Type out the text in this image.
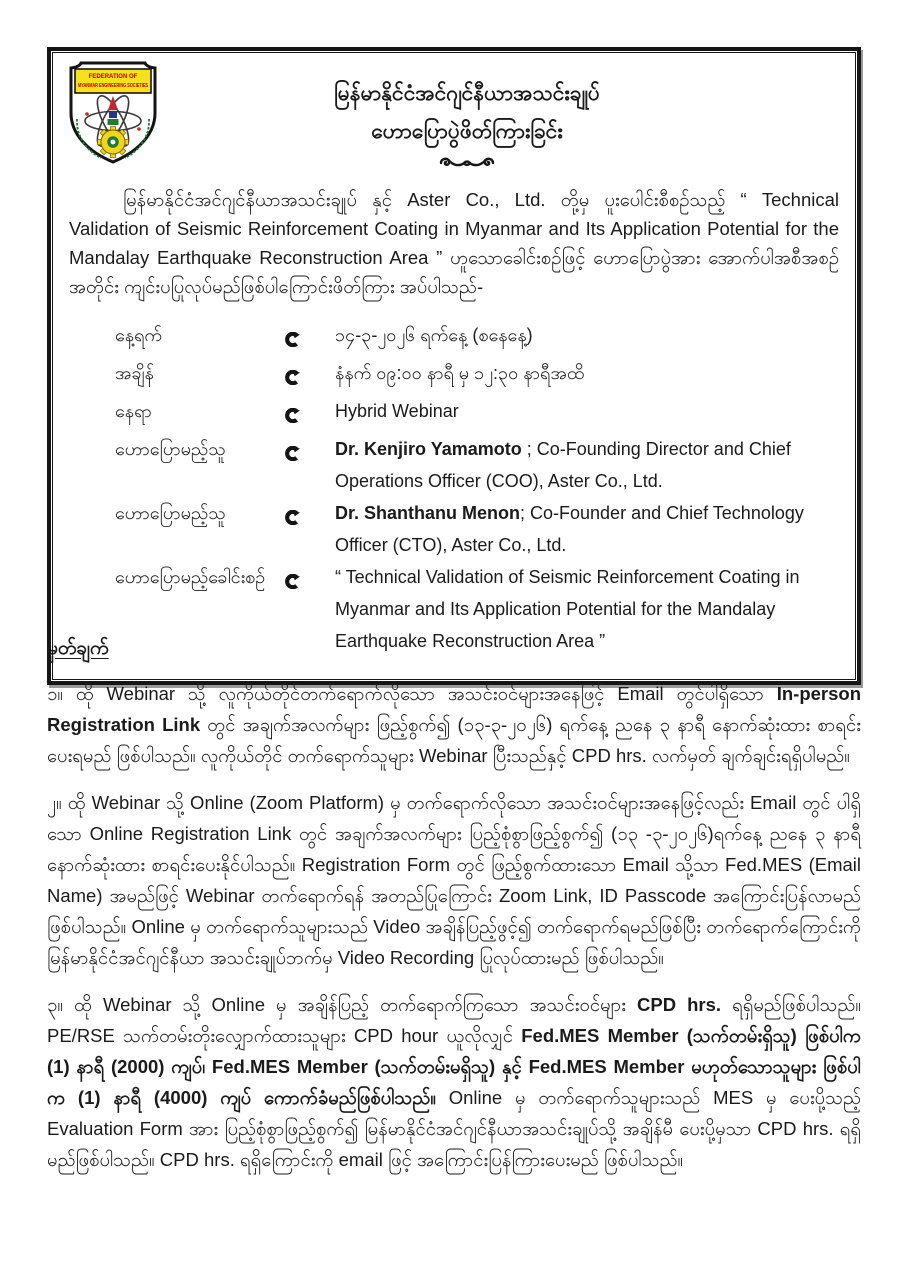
FEDERATION OF
MYANMAR ENGINEERING SOCIETIES	မြန်မာနိုင်ငံအင်ဂျင်နီယာအသင်းချုပ်
ဟောပြောပွဲဖိတ်ကြားခြင်း
မြန်မာနိုင်ငံအင်ဂျင်နီယာအသင်းချုပ် နှင့် Aster Co., Ltd. တို့မှ ပူးပေါင်းစီစဉ်သည့် “ Technical Validation of Seismic Reinforcement Coating in Myanmar and Its Application Potential for the Mandalay Earthquake Reconstruction Area ” ဟူသောခေါင်းစဉ်ဖြင့် ဟောပြောပွဲအား အောက်ပါအစီအစဉ်အတိုင်း ကျင်းပပြုလုပ်မည်ဖြစ်ပါကြောင်းဖိတ်ကြား အပ်ပါသည်-
နေ့ရက်	၁၄-၃-၂၀၂၆ ရက်နေ့ (စနေနေ့)
အချိန်	နံနက် ၀၉:၀၀ နာရီ မှ ၁၂:၃၀ နာရီအထိ
နေရာ	Hybrid Webinar
ဟောပြောမည့်သူ	Dr. Kenjiro Yamamoto ; Co-Founding Director and Chief Operations Officer (COO), Aster Co., Ltd.
ဟောပြောမည့်သူ	Dr. Shanthanu Menon; Co-Founder and Chief Technology Officer (CTO), Aster Co., Ltd.
ဟောပြောမည့်ခေါင်းစဉ်	“ Technical Validation of Seismic Reinforcement Coating in Myanmar and Its Application Potential for the Mandalay Earthquake Reconstruction Area ”
မှတ်ချက်

၁။ ထို Webinar သို့ လူကိုယ်တိုင်တက်ရောက်လိုသော အသင်းဝင်များအနေဖြင့် Email တွင်ပါရှိသော In-person Registration Link တွင် အချက်အလက်များ ဖြည့်စွက်၍ (၁၃-၃-၂၀၂၆) ရက်နေ့ ညနေ ၃ နာရီ နောက်ဆုံးထား စာရင်းပေးရမည် ဖြစ်ပါသည်။ လူကိုယ်တိုင် တက်ရောက်သူများ Webinar ပြီးသည်နှင့် CPD hrs. လက်မှတ် ချက်ချင်းရရှိပါမည်။

၂။ ထို Webinar သို့ Online (Zoom Platform) မှ တက်ရောက်လိုသော အသင်းဝင်များအနေဖြင့်လည်း Email တွင် ပါရှိသော Online Registration Link တွင် အချက်အလက်များ ပြည့်စုံစွာဖြည့်စွက်၍ (၁၃ -၃-၂၀၂၆)ရက်နေ့ ညနေ ၃ နာရီ နောက်ဆုံးထား စာရင်းပေးနိုင်ပါသည်။ Registration Form တွင် ဖြည့်စွက်ထားသော Email သို့သာ Fed.MES (Email Name) အမည်ဖြင့် Webinar တက်ရောက်ရန် အတည်ပြုကြောင်း Zoom Link, ID Passcode အကြောင်းပြန်လာမည် ဖြစ်ပါသည်။ Online မှ တက်ရောက်သူများသည် Video အချိန်ပြည့်ဖွင့်၍ တက်ရောက်ရမည်ဖြစ်ပြီး တက်ရောက်ကြောင်းကို မြန်မာနိုင်ငံအင်ဂျင်နီယာ အသင်းချုပ်ဘက်မှ Video Recording ပြုလုပ်ထားမည် ဖြစ်ပါသည်။

၃။ ထို Webinar သို့ Online မှ အချိန်ပြည့် တက်ရောက်ကြသော အသင်းဝင်များ CPD hrs. ရရှိမည်ဖြစ်ပါသည်။ PE/RSE သက်တမ်းတိုးလျှောက်ထားသူများ CPD hour ယူလိုလျှင် Fed.MES Member (သက်တမ်းရှိသူ) ဖြစ်ပါက (1) နာရီ (2000) ကျပ်၊ Fed.MES Member (သက်တမ်းမရှိသူ) နှင့် Fed.MES Member မဟုတ်သောသူများ ဖြစ်ပါက (1) နာရီ (4000) ကျပ် ကောက်ခံမည်ဖြစ်ပါသည်။ Online မှ တက်ရောက်သူများသည် MES မှ ပေးပို့သည့် Evaluation Form အား ပြည့်စုံစွာဖြည့်စွက်၍ မြန်မာနိုင်ငံအင်ဂျင်နီယာအသင်းချုပ်သို့ အချိန်မီ ပေးပို့မှသာ CPD hrs. ရရှိမည်ဖြစ်ပါသည်။ CPD hrs. ရရှိကြောင်းကို email ဖြင့် အကြောင်းပြန်ကြားပေးမည် ဖြစ်ပါသည်။
